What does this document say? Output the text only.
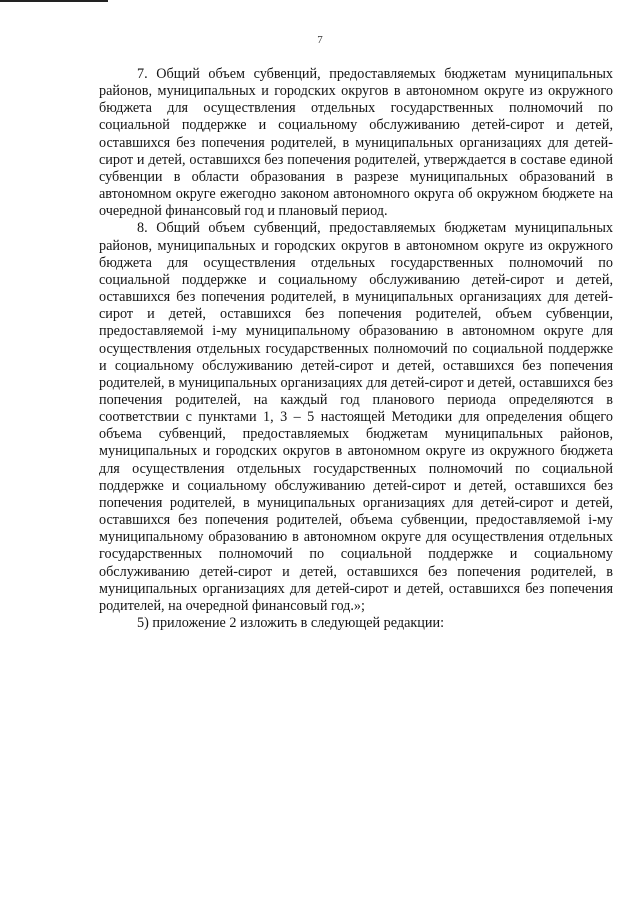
7

7. Общий объем субвенций, предоставляемых бюджетам муниципальных районов, муниципальных и городских округов в автономном округе из окружного бюджета для осуществления отдельных государственных полномочий по социальной поддержке и социальному обслуживанию детей-сирот и детей, оставшихся без попечения родителей, в муниципальных организациях для детей-сирот и детей, оставшихся без попечения родителей, утверждается в составе единой субвенции в области образования в разрезе муниципальных образований в автономном округе ежегодно законом автономного округа об окружном бюджете на очередной финансовый год и плановый период.

8. Общий объем субвенций, предоставляемых бюджетам муниципальных районов, муниципальных и городских округов в автономном округе из окружного бюджета для осуществления отдельных государственных полномочий по социальной поддержке и социальному обслуживанию детей-сирот и детей, оставшихся без попечения родителей, в муниципальных организациях для детей-сирот и детей, оставшихся без попечения родителей, объем субвенции, предоставляемой i-му муниципальному образованию в автономном округе для осуществления отдельных государственных полномочий по социальной поддержке и социальному обслуживанию детей-сирот и детей, оставшихся без попечения родителей, в муниципальных организациях для детей-сирот и детей, оставшихся без попечения родителей, на каждый год планового периода определяются в соответствии с пунктами 1, 3 – 5 настоящей Методики для определения общего объема субвенций, предоставляемых бюджетам муниципальных районов, муниципальных и городских округов в автономном округе из окружного бюджета для осуществления отдельных государственных полномочий по социальной поддержке и социальному обслуживанию детей-сирот и детей, оставшихся без попечения родителей, в муниципальных организациях для детей-сирот и детей, оставшихся без попечения родителей, объема субвенции, предоставляемой i-му муниципальному образованию в автономном округе для осуществления отдельных государственных полномочий по социальной поддержке и социальному обслуживанию детей-сирот и детей, оставшихся без попечения родителей, в муниципальных организациях для детей-сирот и детей, оставшихся без попечения родителей, на очередной финансовый год.»;

5) приложение 2 изложить в следующей редакции:
